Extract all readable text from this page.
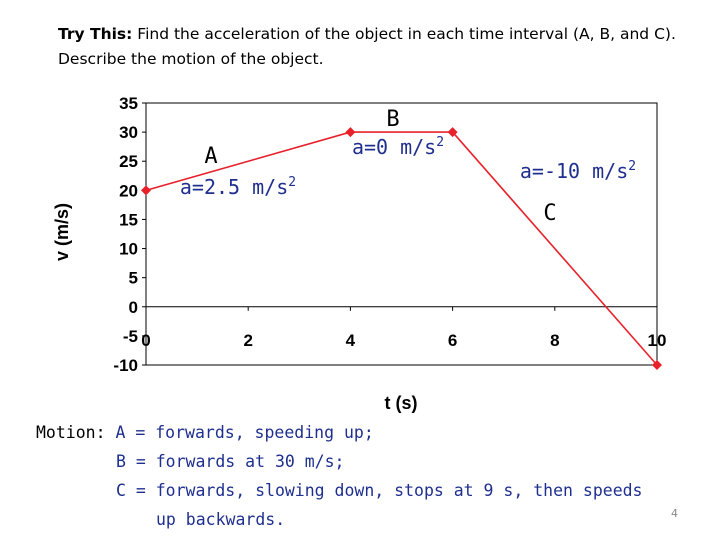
Try This: Find the acceleration of the object in each time interval (A, B, and C). Describe the motion of the object.
35
30
25
20
15
10
5
0
-5
-10
0	2	4	6	8	10
v (m/s)
t (s)
A
a=2.5 $m/s^2$
B
a=0 $m/s^2$
a=-10 $m/s^2$
C
Motion: A = forwards, speeding up;
B = forwards at 30 m/s;
C = forwards, slowing down, stops at 9 s, then speeds
up backwards.	4
